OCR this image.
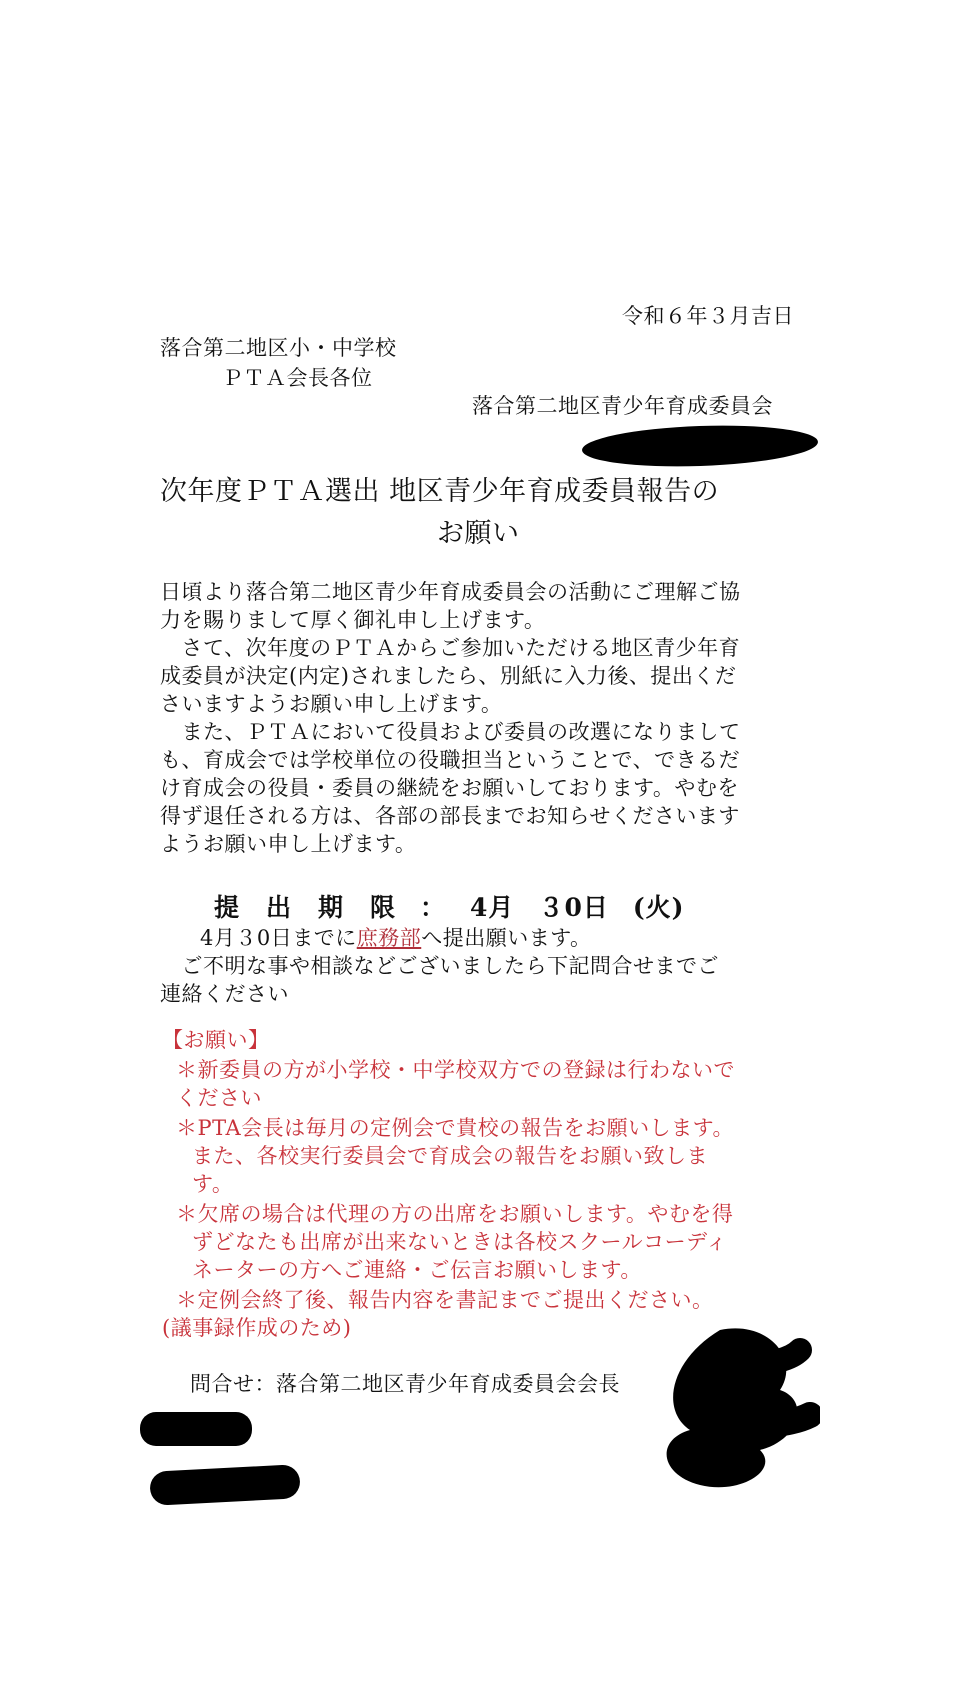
令和６年３月吉日
落合第二地区小・中学校
ＰＴＡ会長各位
落合第二地区青少年育成委員会
次年度ＰＴＡ選出 地区青少年育成委員報告の
お願い
日頃より落合第二地区青少年育成委員会の活動にご理解ご協
力を賜りまして厚く御礼申し上げます。
　さて、次年度のＰＴＡからご参加いただける地区青少年育
成委員が決定(内定)されましたら、別紙に入力後、提出くだ
さいますようお願い申し上げます。
　また、ＰＴＡにおいて役員および委員の改選になりまして
も、育成会では学校単位の役職担当ということで、できるだ
け育成会の役員・委員の継続をお願いしております。やむを
得ず退任される方は、各部の部長までお知らせくださいます
ようお願い申し上げます。
提　出　期　限 ： 4月 ３0日 (火)
4月３0日までに庶務部へ提出願います。
　ご不明な事や相談などございましたら下記問合せまでご
連絡ください
【お願い】
＊新委員の方が小学校・中学校双方での登録は行わないで
ください
＊PTA会長は毎月の定例会で貴校の報告をお願いします。
また、各校実行委員会で育成会の報告をお願い致しま
す。
＊欠席の場合は代理の方の出席をお願いします。やむを得
ずどなたも出席が出来ないときは各校スクールコーディ
ネーターの方へご連絡・ご伝言お願いします。
＊定例会終了後、報告内容を書記までご提出ください。
(議事録作成のため)
問合せ：落合第二地区青少年育成委員会会長
